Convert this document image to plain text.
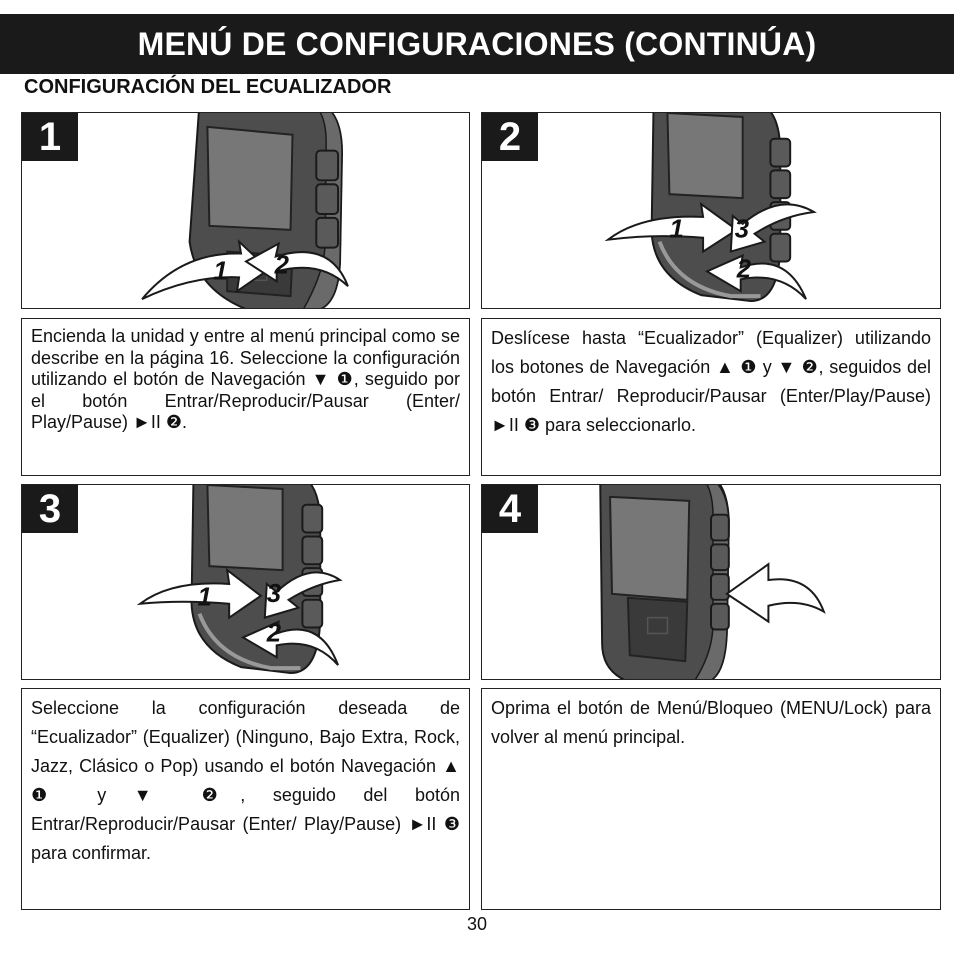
MENÚ DE CONFIGURACIONES (CONTINÚA)
CONFIGURACIÓN DEL ECUALIZADOR
1
1 2
2
1 3
2
Encienda la unidad y entre al menú principal como se describe en la página 16. Seleccione la configuración utilizando el botón de Navegación ▼ ❶, seguido por el botón Entrar/Reproducir/Pausar (Enter/ Play/Pause) ►II ❷.
Deslícese hasta “Ecualizador” (Equalizer) utilizando los botones de Navegación ▲ ❶ y ▼ ❷, seguidos del botón Entrar/ Reproducir/Pausar (Enter/Play/Pause) ►II ❸ para seleccionarlo.
3
1 3
2
4
Seleccione la configuración deseada de “Ecualizador” (Equalizer) (Ninguno, Bajo Extra, Rock, Jazz, Clásico o Pop) usando el botón Navegación ▲ ❶ y ▼ ❷, seguido del botón Entrar/Reproducir/Pausar (Enter/ Play/Pause) ►II ❸ para confirmar.
Oprima el botón de Menú/Bloqueo (MENU/Lock) para volver al menú principal.
30
